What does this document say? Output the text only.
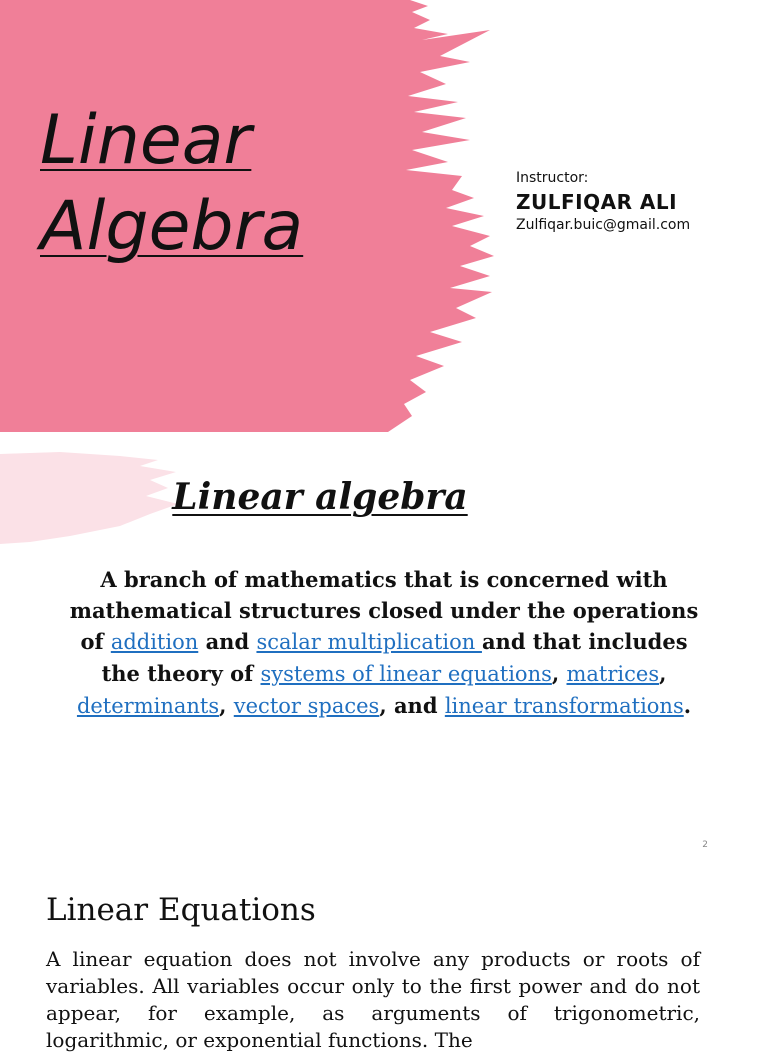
Linear
Algebra
Instructor:
ZULFIQAR ALI
Zulfiqar.buic@gmail.com
Linear algebra
A branch of mathematics that is concerned with mathematical structures closed under the operations of addition and scalar multiplication and that includes the theory of systems of linear equations, matrices, determinants, vector spaces, and linear transformations.
2
Linear Equations
A linear equation does not involve any products or roots of variables. All variables occur only to the first power and do not appear, for example, as arguments of trigonometric, logarithmic, or exponential functions. The
